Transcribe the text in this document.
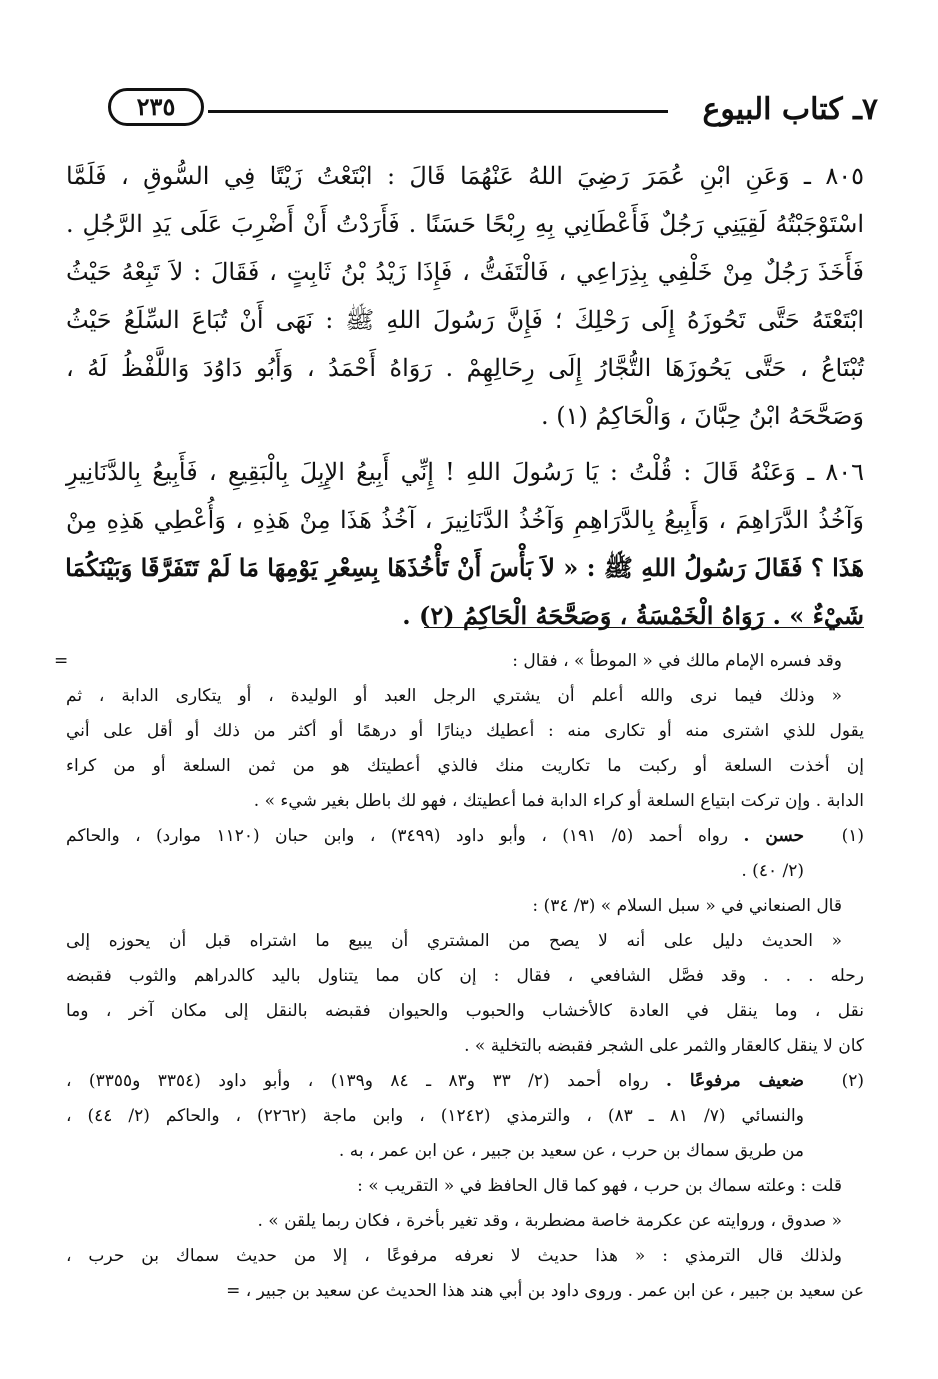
٧ـ كتاب البيوع
٢٣٥
٨٠٥ ـ وَعَنِ ابْنِ عُمَرَ رَضِيَ اللهُ عَنْهُمَا قَالَ : ابْتَعْتُ زَيْتًا فِي السُّوقِ ، فَلَمَّا
اسْتَوْجَبْتُهُ لَقِيَنِي رَجُلٌ فَأَعْطَانِي بِهِ رِبْحًا حَسَنًا . فَأَرَدْتُ أَنْ أَضْرِبَ عَلَى يَدِ الرَّجُلِ .
فَأَخَذَ رَجُلٌ مِنْ خَلْفِي بِذِرَاعِي ، فَالْتَفَتُّ ، فَإِذَا زَيْدُ بْنُ ثَابِتٍ ، فَقَالَ : لاَ تَبِعْهُ حَيْثُ
ابْتَعْتَهُ حَتَّى تَحُوزَهُ إِلَى رَحْلِكَ ؛ فَإِنَّ رَسُولَ اللهِ ﷺ : نَهَى أَنْ تُبَاعَ السِّلَعُ حَيْثُ
تُبْتَاعُ ، حَتَّى يَحُوزَهَا التُّجَّارُ إِلَى رِحَالِهِمْ . رَوَاهُ أَحْمَدُ ، وَأَبُو دَاوُدَ وَاللَّفْظُ لَهُ ،
وَصَحَّحَهُ ابْنُ حِبَّانَ ، وَالْحَاكِمُ (١) .
٨٠٦ ـ وَعَنْهُ قَالَ : قُلْتُ : يَا رَسُولَ اللهِ ! إِنِّي أَبِيعُ الإِبِلَ بِالْبَقِيعِ ، فَأَبِيعُ بِالدَّنَانِيرِ
وَآخُذُ الدَّرَاهِمَ ، وَأَبِيعُ بِالدَّرَاهِمِ وَآخُذُ الدَّنَانِيرَ ، آخُذُ هَذَا مِنْ هَذِهِ ، وَأُعْطِي هَذِهِ مِنْ
هَذَا ؟ فَقَالَ رَسُولُ اللهِ ﷺ : « لاَ بَأْسَ أَنْ تَأْخُذَهَا بِسِعْرِ يَوْمِهَا مَا لَمْ تَتَفَرَّقَا وَبَيْنَكُمَا
شَيْءٌ » . رَوَاهُ الْخَمْسَةُ ، وَصَحَّحَهُ الْحَاكِمُ (٢) .
وقد فسره الإمام مالك في « الموطأ » ، فقال :
=
« وذلك فيما نرى والله أعلم أن يشتري الرجل العبد أو الوليدة ، أو يتكارى الدابة ، ثم
يقول للذي اشترى منه أو تكارى منه : أعطيك دينارًا أو درهمًا أو أكثر من ذلك أو أقل على أني
إن أخذت السلعة أو ركبت ما تكاريت منك فالذي أعطيتك هو من ثمن السلعة أو من كراء
الدابة . وإن تركت ابتياع السلعة أو كراء الدابة فما أعطيتك ، فهو لك باطل بغير شيء » .
(١)
حسن . رواه أحمد (٥/ ١٩١) ، وأبو داود (٣٤٩٩) ، وابن حبان (١١٢٠ موارد) ، والحاكم
(٢/ ٤٠) .
قال الصنعاني في « سبل السلام » (٣/ ٣٤) :
« الحديث دليل على أنه لا يصح من المشتري أن يبيع ما اشتراه قبل أن يحوزه إلى
رحله . . . وقد فصَّل الشافعي ، فقال : إن كان مما يتناول باليد كالدراهم والثوب فقبضه
نقل ، وما ينقل في العادة كالأخشاب والحبوب والحيوان فقبضه بالنقل إلى مكان آخر ، وما
كان لا ينقل كالعقار والثمر على الشجر فقبضه بالتخلية » .
(٢)
ضعيف مرفوعًا . رواه أحمد (٢/ ٣٣ و٨٣ ـ ٨٤ و١٣٩) ، وأبو داود (٣٣٥٤ و٣٣٥٥) ،
والنسائي (٧/ ٨١ ـ ٨٣) ، والترمذي (١٢٤٢) ، وابن ماجة (٢٢٦٢) ، والحاكم (٢/ ٤٤) ،
من طريق سماك بن حرب ، عن سعيد بن جبير ، عن ابن عمر ، به .
قلت : وعلته سماك بن حرب ، فهو كما قال الحافظ في « التقريب » :
« صدوق ، وروايته عن عكرمة خاصة مضطربة ، وقد تغير بأخرة ، فكان ربما يلقن » .
ولذلك قال الترمذي : « هذا حديث لا نعرفه مرفوعًا ، إلا من حديث سماك بن حرب ،
عن سعيد بن جبير ، عن ابن عمر . وروى داود بن أبي هند هذا الحديث عن سعيد بن جبير ، =
